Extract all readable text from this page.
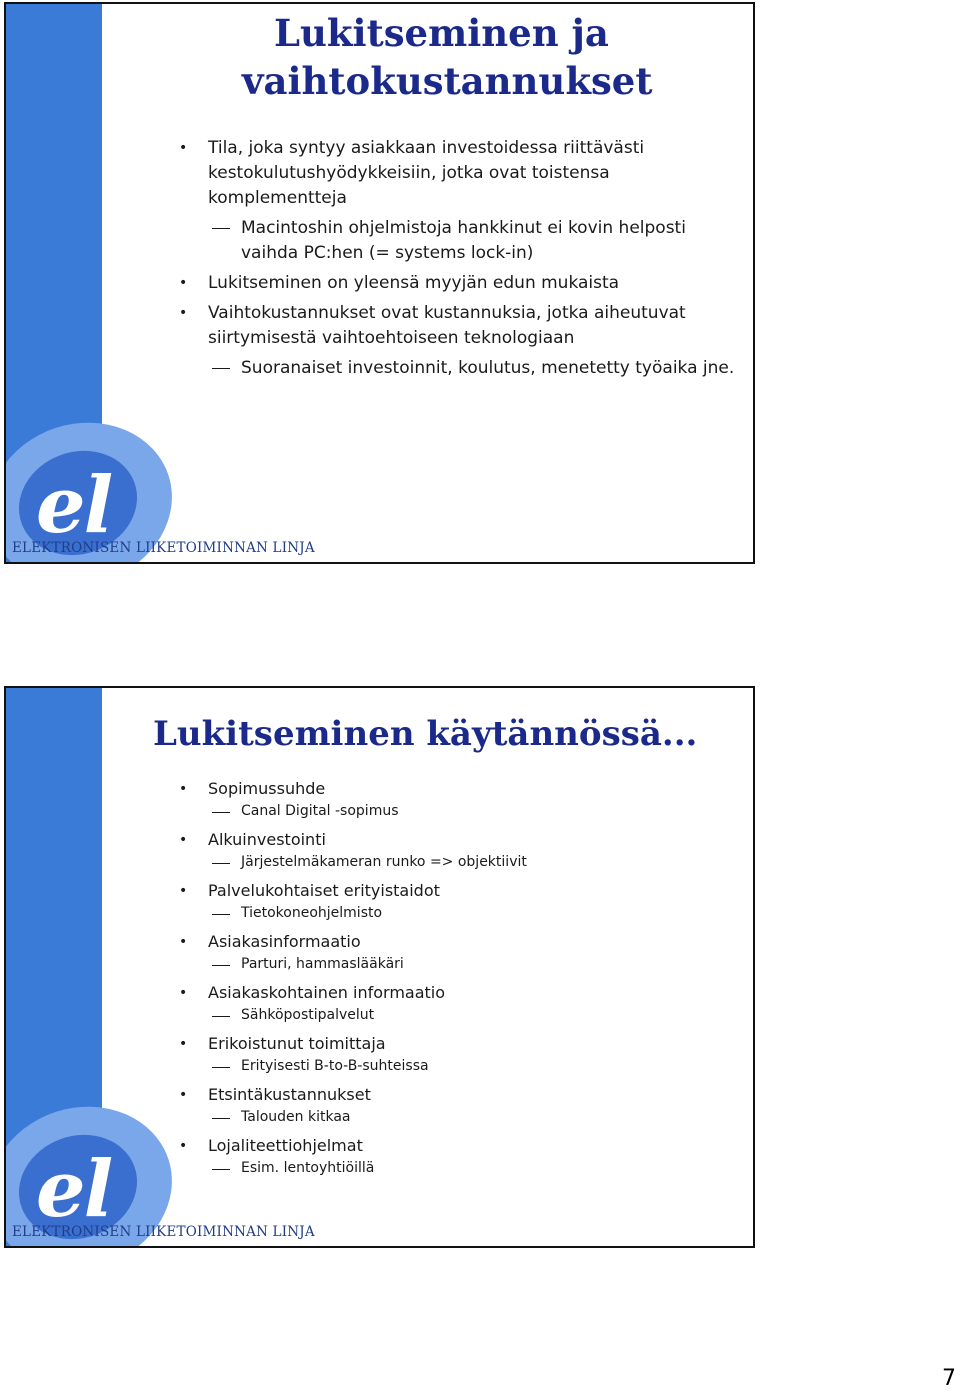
el
ELEKTRONISEN LIIKETOIMINNAN LINJA
Lukitseminen ja
vaihtokustannukset
• Tila, joka syntyy asiakkaan investoidessa riittävästi kestokulutushyödykkeisiin, jotka ovat toistensa komplementteja
Macintoshin ohjelmistoja hankkinut ei kovin helposti vaihda PC:hen (= systems lock-in)
• Lukitseminen on yleensä myyjän edun mukaista
• Vaihtokustannukset ovat kustannuksia, jotka aiheutuvat siirtymisestä vaihtoehtoiseen teknologiaan
Suoranaiset investoinnit, koulutus, menetetty työaika jne.
el
ELEKTRONISEN LIIKETOIMINNAN LINJA
Lukitseminen käytännössä...
• Sopimussuhde
Canal Digital -sopimus
• Alkuinvestointi
Järjestelmäkameran runko => objektiivit
• Palvelukohtaiset erityistaidot
Tietokoneohjelmisto
• Asiakasinformaatio
Parturi, hammaslääkäri
• Asiakaskohtainen informaatio
Sähköpostipalvelut
• Erikoistunut toimittaja
Erityisesti B-to-B-suhteissa
• Etsintäkustannukset
Talouden kitkaa
• Lojaliteettiohjelmat
Esim. lentoyhtiöillä
7
